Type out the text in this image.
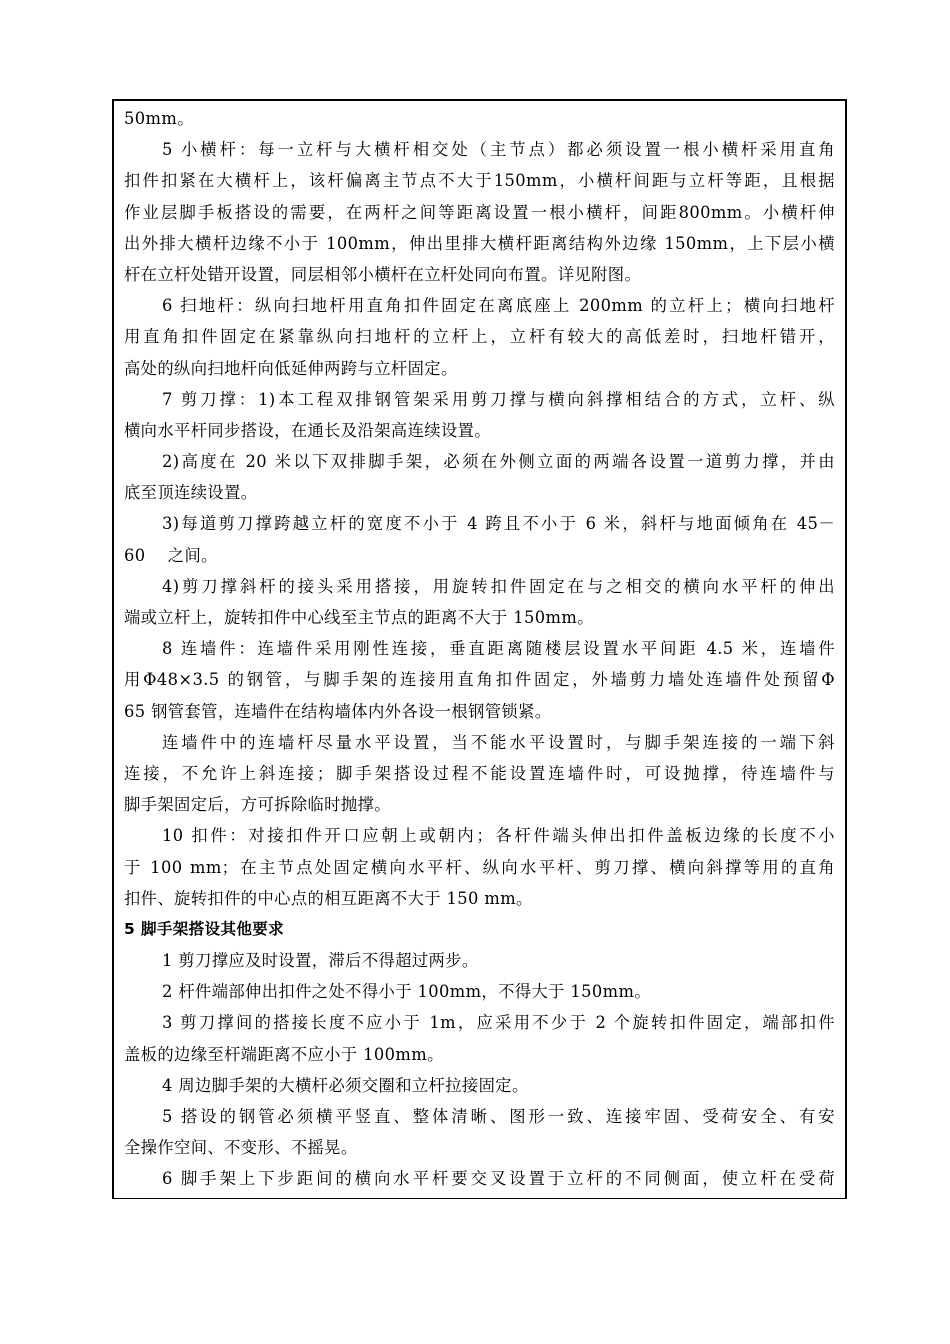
50mm。
5 小横杆：每一立杆与大横杆相交处（主节点）都必须设置一根小横杆采用直角
扣件扣紧在大横杆上，该杆偏离主节点不大于150mm，小横杆间距与立杆等距，且根据
作业层脚手板搭设的需要，在两杆之间等距离设置一根小横杆，间距800mm。小横杆伸
出外排大横杆边缘不小于 100mm，伸出里排大横杆距离结构外边缘 150mm，上下层小横
杆在立杆处错开设置，同层相邻小横杆在立杆处同向布置。详见附图。
6 扫地杆：纵向扫地杆用直角扣件固定在离底座上 200mm 的立杆上；横向扫地杆
用直角扣件固定在紧靠纵向扫地杆的立杆上，立杆有较大的高低差时，扫地杆错开，
高处的纵向扫地杆向低延伸两跨与立杆固定。
7 剪刀撑：1)本工程双排钢管架采用剪刀撑与横向斜撑相结合的方式，立杆、纵
横向水平杆同步搭设，在通长及沿架高连续设置。
2)高度在 20 米以下双排脚手架，必须在外侧立面的两端各设置一道剪力撑，并由
底至顶连续设置。
3)每道剪刀撑跨越立杆的宽度不小于 4 跨且不小于 6 米，斜杆与地面倾角在 45－
60　 之间。
4)剪刀撑斜杆的接头采用搭接，用旋转扣件固定在与之相交的横向水平杆的伸出
端或立杆上，旋转扣件中心线至主节点的距离不大于 150mm。
8 连墙件：连墙件采用刚性连接，垂直距离随楼层设置水平间距 4.5 米，连墙件
用Φ48×3.5 的钢管，与脚手架的连接用直角扣件固定，外墙剪力墙处连墙件处预留Φ
65 钢管套管，连墙件在结构墙体内外各设一根钢管锁紧。
连墙件中的连墙杆尽量水平设置，当不能水平设置时，与脚手架连接的一端下斜
连接，不允许上斜连接；脚手架搭设过程不能设置连墙件时，可设抛撑，待连墙件与
脚手架固定后，方可拆除临时抛撑。
10 扣件：对接扣件开口应朝上或朝内；各杆件端头伸出扣件盖板边缘的长度不小
于 100 mm；在主节点处固定横向水平杆、纵向水平杆、剪刀撑、横向斜撑等用的直角
扣件、旋转扣件的中心点的相互距离不大于 150 mm。
5 脚手架搭设其他要求
1 剪刀撑应及时设置，滞后不得超过两步。
2 杆件端部伸出扣件之处不得小于 100mm，不得大于 150mm。
3 剪刀撑间的搭接长度不应小于 1m，应采用不少于 2 个旋转扣件固定，端部扣件
盖板的边缘至杆端距离不应小于 100mm。
4 周边脚手架的大横杆必须交圈和立杆拉接固定。
5 搭设的钢管必须横平竖直、整体清晰、图形一致、连接牢固、受荷安全、有安
全操作空间、不变形、不摇晃。
6 脚手架上下步距间的横向水平杆要交叉设置于立杆的不同侧面，使立杆在受荷
